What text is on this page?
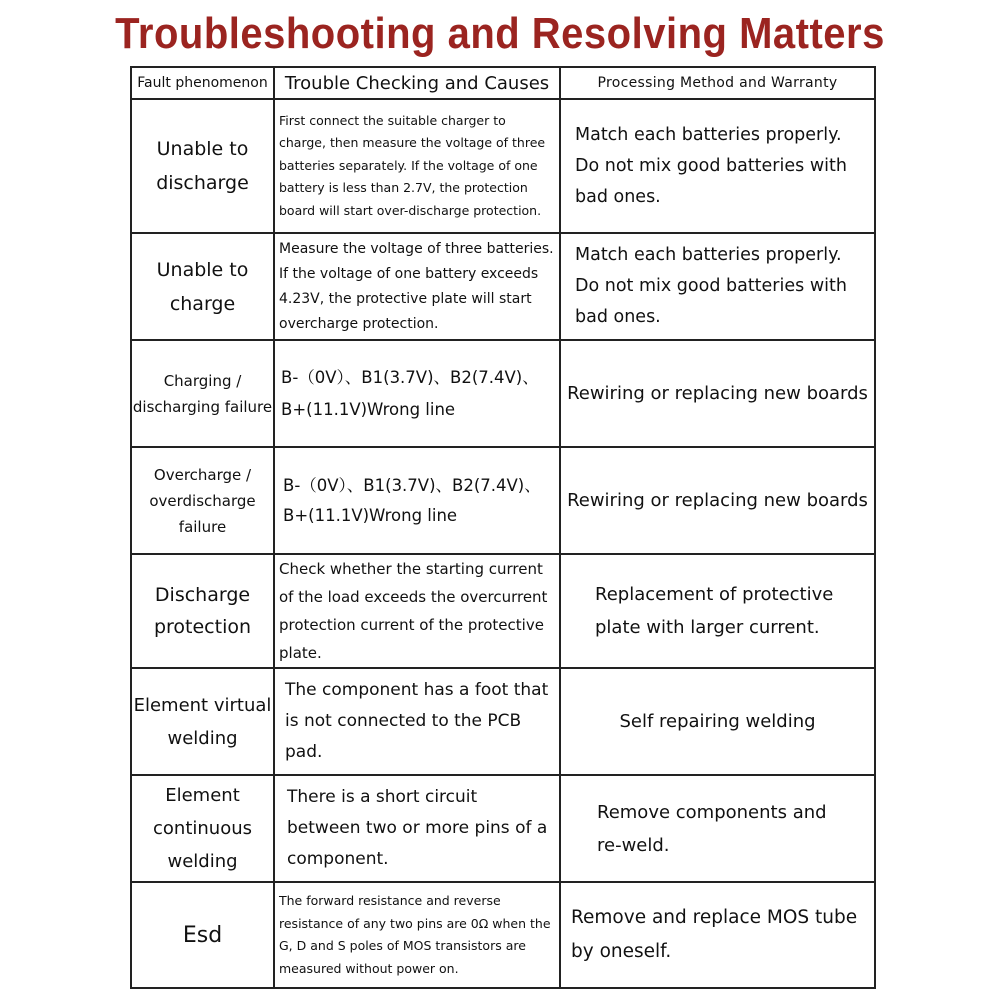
Troubleshooting and Resolving Matters
Fault phenomenon	Trouble Checking and Causes	Processing Method and Warranty

Unable to discharge	First connect the suitable charger to charge, then measure the voltage of three batteries separately. If the voltage of one battery is less than 2.7V, the protection board will start over-discharge protection.	Match each batteries properly. Do not mix good batteries with bad ones.

Unable to charge	Measure the voltage of three batteries. If the voltage of one battery exceeds 4.23V, the protective plate will start overcharge protection.	Match each batteries properly. Do not mix good batteries with bad ones.

Charging / discharging failure	B-（0V）、B1(3.7V)、B2(7.4V)、B+(11.1V)Wrong line	Rewiring or replacing new boards

Overcharge / overdischarge failure	B-（0V）、B1(3.7V)、B2(7.4V)、B+(11.1V)Wrong line	Rewiring or replacing new boards

Discharge protection	Check whether the starting current of the load exceeds the overcurrent protection current of the protective plate.	Replacement of protective plate with larger current.

Element virtual welding	The component has a foot that is not connected to the PCB pad.	Self repairing welding

Element continuous welding	There is a short circuit between two or more pins of a component.	Remove components and re-weld.

Esd	The forward resistance and reverse resistance of any two pins are 0Ω when the G, D and S poles of MOS transistors are measured without power on.	Remove and replace MOS tube by oneself.
